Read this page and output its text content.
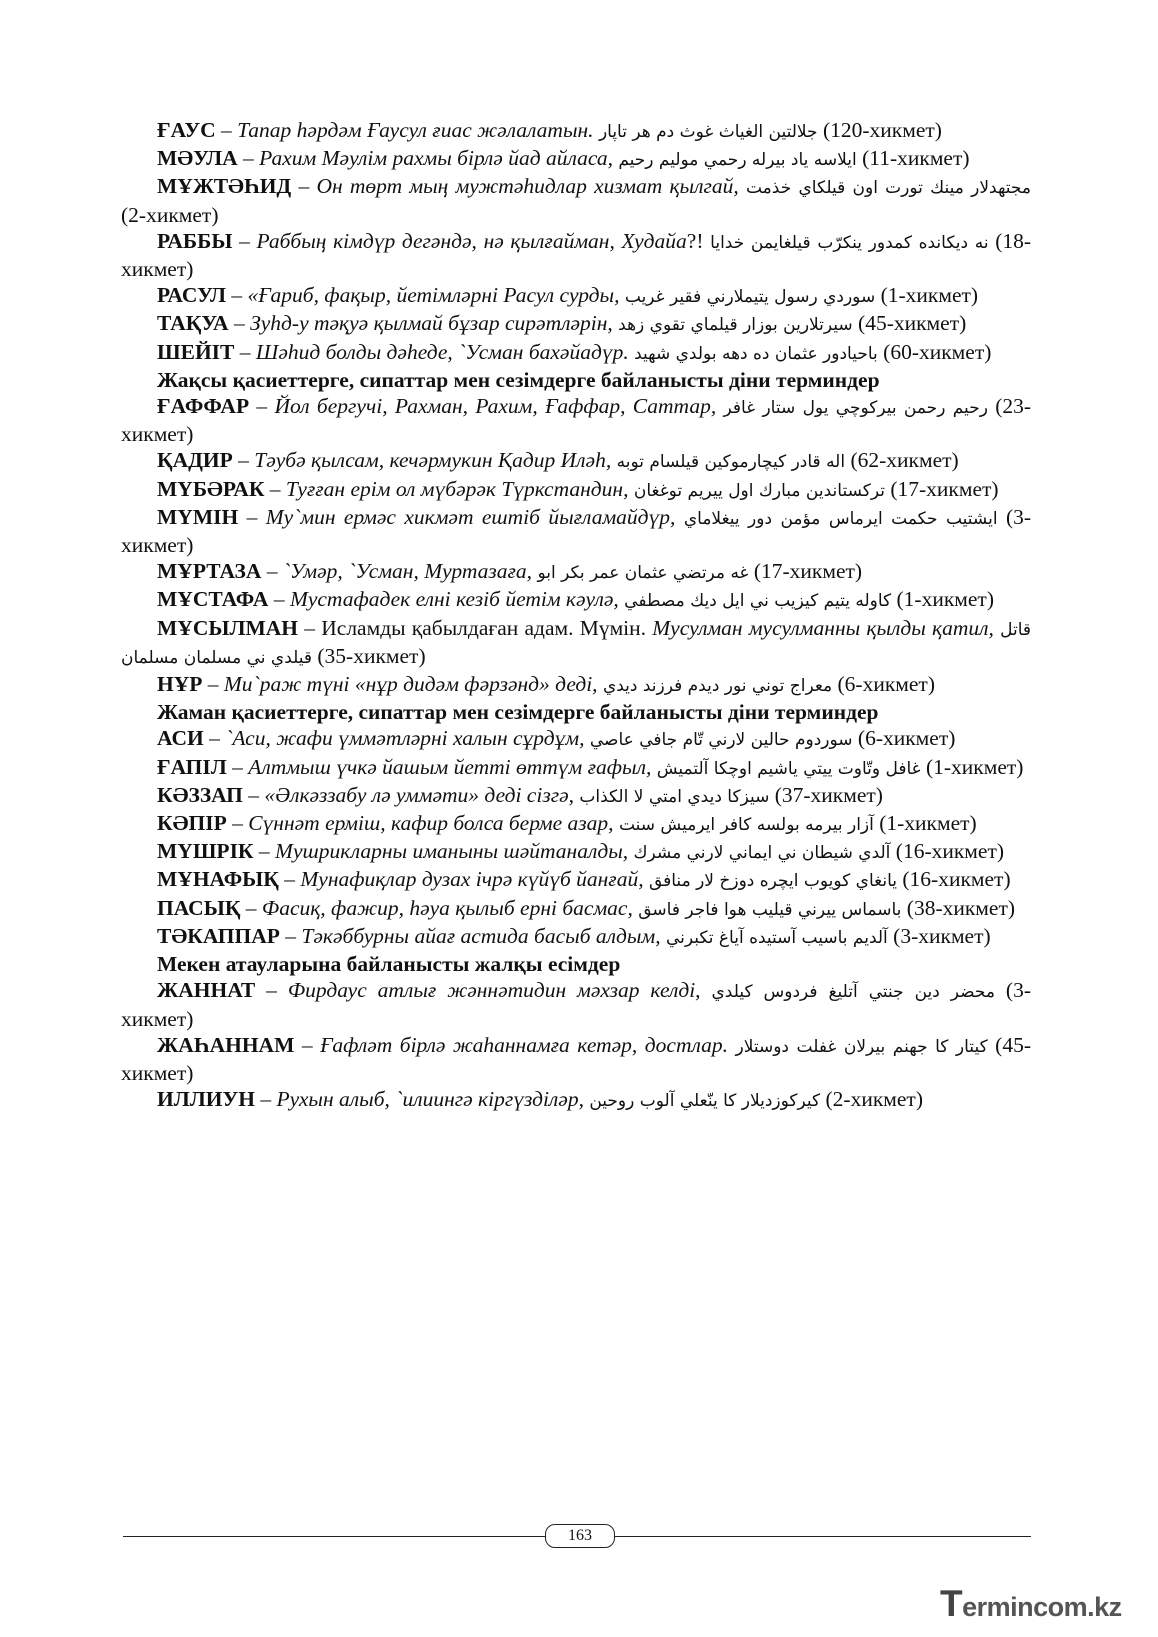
ҒАУС – Тапар һәрдәм Ғаусул ғиас жәлалатын. جلالتين الغياث غوث دم هر تاپار (120-хикмет)

МӘУЛА – Рахим Мәулім рахмы бірлә йад айласа, ايلاسه ياد بيرله رحمي موليم رحيم (11-хикмет)

МҰЖТӘҺИД – Он төрт мың мужтәһидлар хизмат қылгай, مجتهدلار مينك تورت اون قيلكاي خذمت (2-хикмет)

РАББЫ – Раббың кімдүр дегәндә, нә қылғайман, Худайа?! نه ديكانده كمدور ينكرّب قيلغايمن خدايا (18-хикмет)

РАСУЛ – «Ғариб, фақыр, йетімләрні Расул сурды, سوردي رسول يتيملارني فقير غريب (1-хикмет)

ТАҚУА – Зуһд-у тәқуә қылмай бұзар сирәтләрін, سيرتلارين بوزار قيلماي تقوي زهد (45-хикмет)

ШЕЙІТ – Шәһид болды дәһеде, `Усман бахәйадүр. باحيادور عثمان ده دهه بولدي شهيد (60-хикмет)

Жақсы қасиеттерге, сипаттар мен сезімдерге байланысты діни терминдер

ҒАФФАР – Йол бергучі, Рахман, Рахим, Ғаффар, Саттар, رحيم رحمن بيركوچي يول ستار غافر (23-хикмет)

ҚАДИР – Тәубә қылсам, кечәрмукин Қадир Иләһ, اله قادر كيچارموكين قيلسام توبه (62-хикмет)

МҮБӘРАК – Туғған ерім ол мүбәрәк Түркстандин, تركستاندين مبارك اول ييريم توغغان (17-хикмет)

МҮМІН – Му`мин ермәс хикмәт ештіб йығламайдүр, ايشتيب حكمت ايرماس مؤمن دور ييغلاماي (3-хикмет)

МҰРТАЗА – `Умәр, `Усман, Муртазаға, غه مرتضي عثمان عمر بكر ابو (17-хикмет)

МҰСТАФА – Мустафадек елні кезіб йетім кәулә, كاوله يتيم كيزيب ني ايل ديك مصطفي (1-хикмет)

МҰСЫЛМАН – Исламды қабылдаған адам. Мүмін. Мусулман мусулманны қылды қатил, قاتل قيلدي ني مسلمان مسلمان (35-хикмет)

НҰР – Ми`раж түні «нұр дидәм фәрзәнд» деді, معراج توني نور ديدم فرزند ديدي (6-хикмет)

Жаман қасиеттерге, сипаттар мен сезімдерге байланысты діни терминдер

АСИ – `Аси, жафи үммәтләрні халын сұрдұм, سوردوم حالين لارني تّام جافي عاصي (6-хикмет)

ҒАПІЛ – Алтмыш үчкә йашым йетті өттүм ғафыл, غافل وتّاوت ييتي ياشيم اوچكا آلتميش (1-хикмет)

КӘЗЗАП – «Әлкәззабу лә уммәти» деді сізгә, سيزكا ديدي امتي لا الكذاب (37-хикмет)

КӘПІР – Сүннәт ерміш, кафир болса берме азар, آزار بيرمه بولسه كافر ايرميش سنت (1-хикмет)

МҮШРІК – Мушрикларны иманыны шәйтаналды, آلدي شيطان ني ايماني لارني مشرك (16-хикмет)

МҰНАФЫҚ – Мунафиқлар дузах ічрә күйүб йанғай, يانغاي كويوب ايچره دوزخ لار منافق (16-хикмет)

ПАСЫҚ – Фасиқ, фажир, һәуа қылыб ерні басмас, باسماس ييرني قيليب هوا فاجر فاسق (38-хикмет)

ТӘКАППАР – Тәкәббурны айағ астида басыб алдым, آلديم باسيب آستيده آياغ تكبرني (3-хикмет)

Мекен атауларына байланысты жалқы есімдер

ЖАННАТ – Фирдаус атлығ жәннәтидин мәхзар келді, محضر دين جنتي آتليغ فردوس كيلدي (3-хикмет)

ЖАҺАННАМ – Ғафләт бірлә жаһаннамға кетәр, достлар. كيتار كا جهنم بيرلان غفلت دوستلار (45-хикмет)

ИЛЛИУН – Рухын алыб, `илиингә кіргүзділәр, كيركوزديلار كا ينّعلي آلوب روحين (2-хикмет)

163
Termincom.kz
